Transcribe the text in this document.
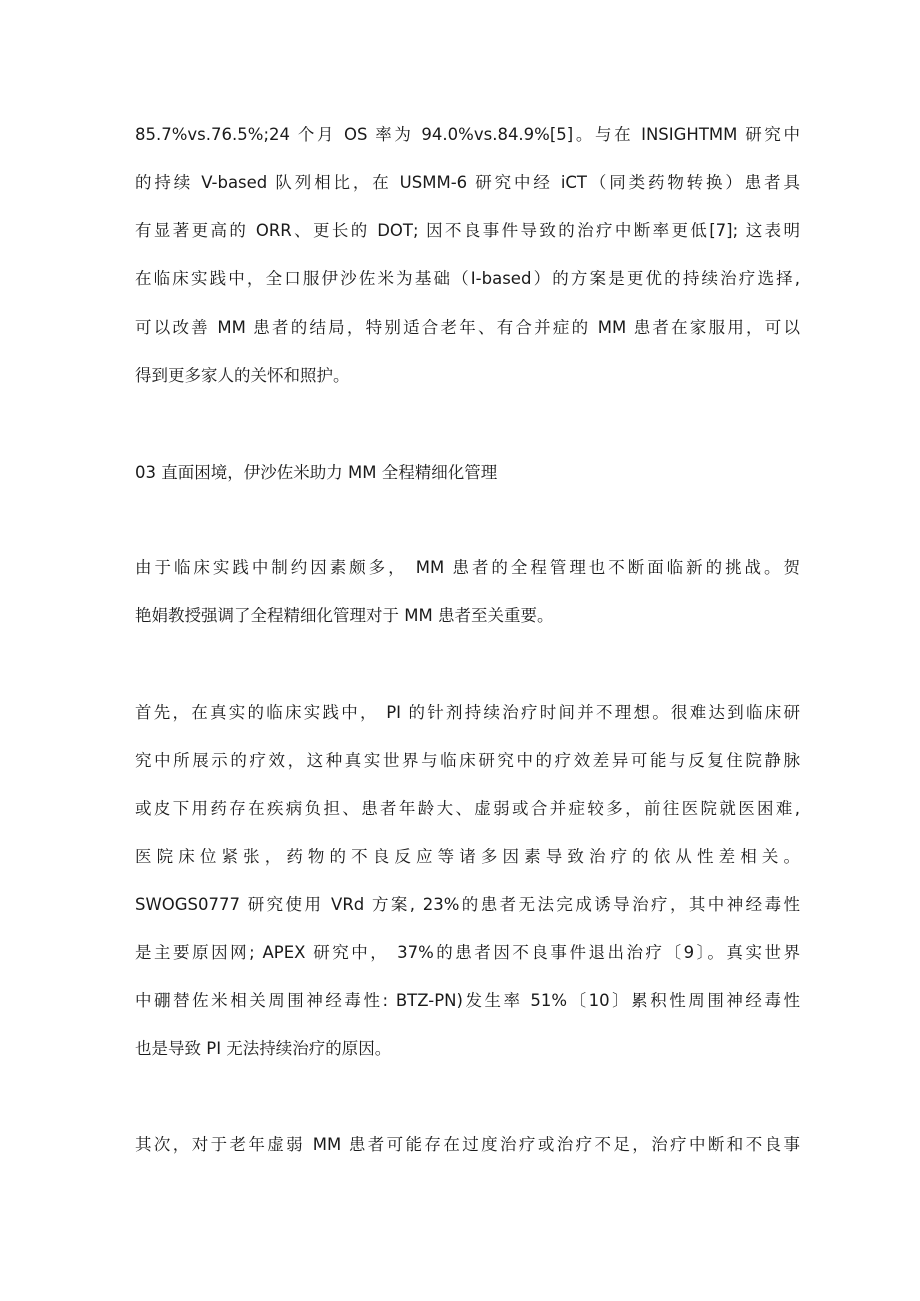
85.7%vs.76.5%;24 个月 OS 率为 94.0%vs.84.9%[5]。与在 INSIGHTMM 研究中
的持续 V-based 队列相比，在 USMM-6 研究中经 iCT（同类药物转换）患者具
有显著更高的 ORR、更长的 DOT; 因不良事件导致的治疗中断率更低[7]; 这表明
在临床实践中，全口服伊沙佐米为基础（I-based）的方案是更优的持续治疗选择,
可以改善 MM 患者的结局，特别适合老年、有合并症的 MM 患者在家服用，可以
得到更多家人的关怀和照护。
03 直面困境，伊沙佐米助力 MM 全程精细化管理
由于临床实践中制约因素颇多， MM 患者的全程管理也不断面临新的挑战。贺
艳娟教授强调了全程精细化管理对于 MM 患者至关重要。
首先，在真实的临床实践中， PI 的针剂持续治疗时间并不理想。很难达到临床研
究中所展示的疗效，这种真实世界与临床研究中的疗效差异可能与反复住院静脉
或皮下用药存在疾病负担、患者年龄大、虚弱或合并症较多，前往医院就医困难,
医院床位紧张，药物的不良反应等诸多因素导致治疗的依从性差相关。
SWOGS0777 研究使用 VRd 方案, 23%的患者无法完成诱导治疗，其中神经毒性
是主要原因网; APEX 研究中， 37%的患者因不良事件退出治疗〔9〕。真实世界
中硼替佐米相关周围神经毒性: BTZ-PN)发生率 51%〔10〕累积性周围神经毒性
也是导致 PI 无法持续治疗的原因。
其次，对于老年虚弱 MM 患者可能存在过度治疗或治疗不足，治疗中断和不良事
